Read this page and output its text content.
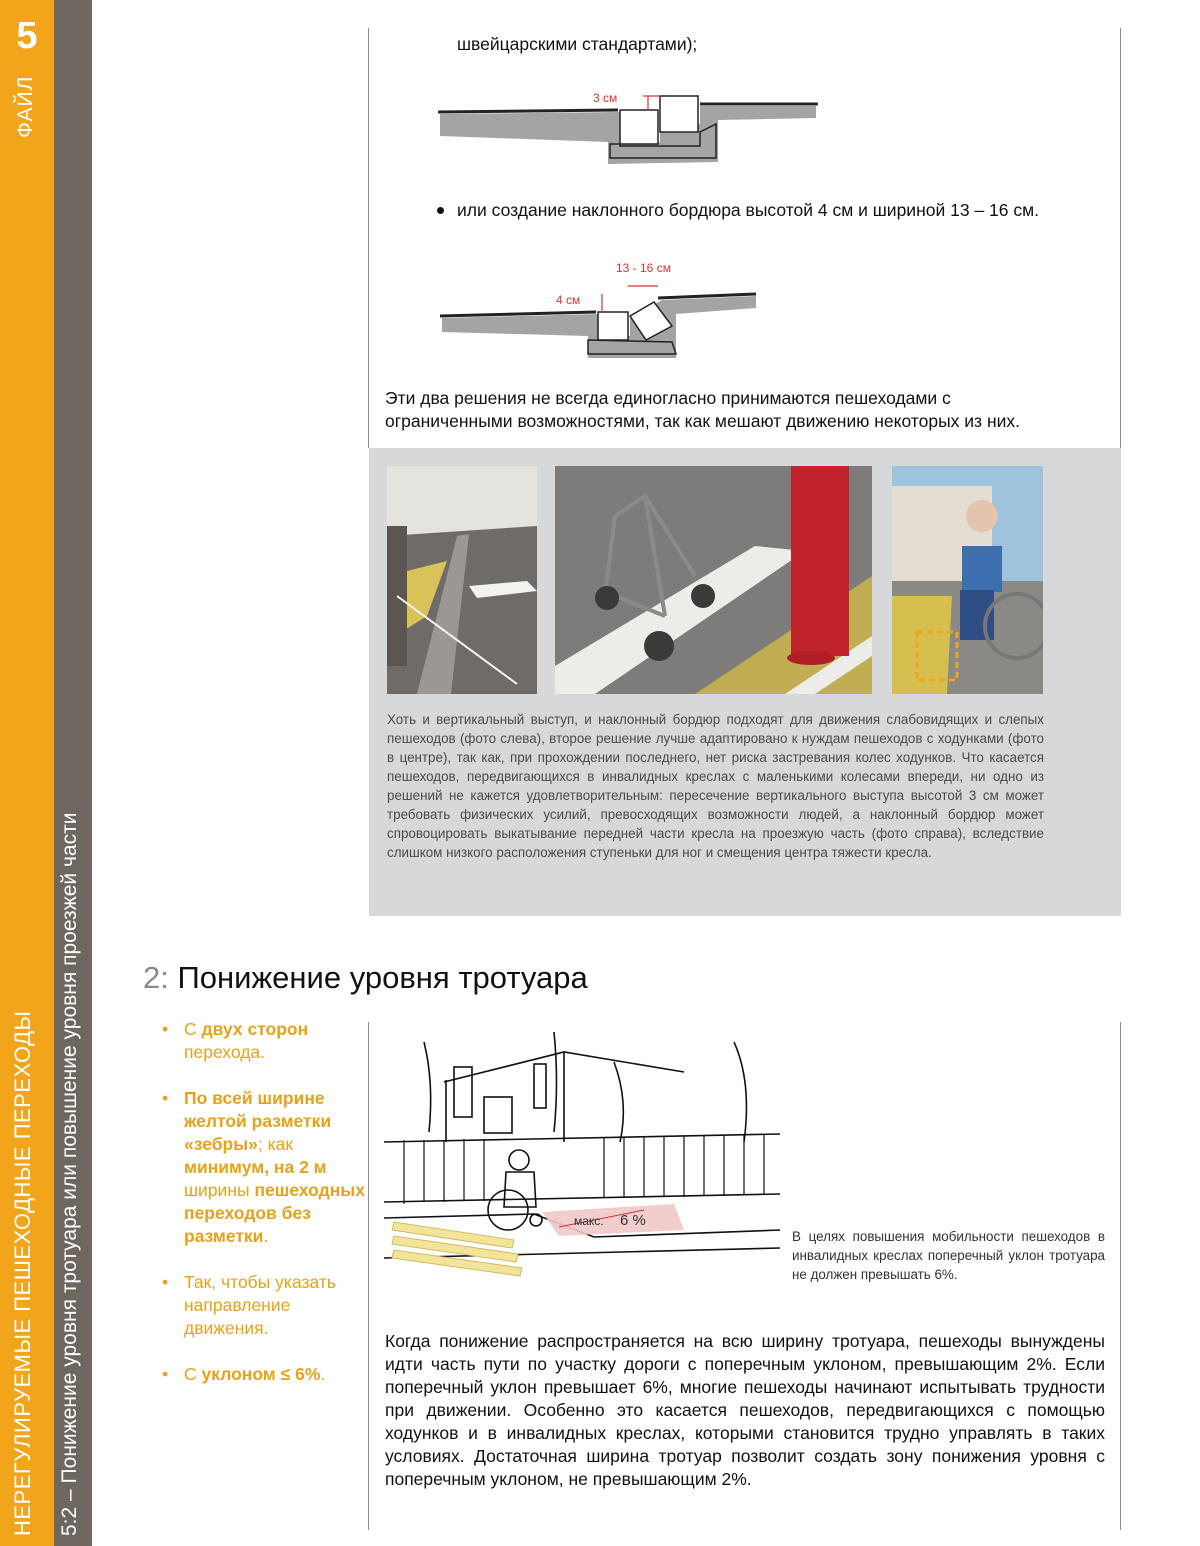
5
ФАЙЛ
НЕРЕГУЛИРУЕМЫЕ ПЕШЕХОДНЫЕ ПЕРЕХОДЫ 5:2 – Понижение уровня тротуара или повышение уровня проезжей части
швейцарскими стандартами);
3 см
или создание наклонного бордюра высотой 4 см и шириной 13 – 16 см.
13 - 16 см
4 см
Эти два решения не всегда единогласно принимаются пешеходами с
ограниченными возможностями, так как мешают движению некоторых из них.
Хоть и вертикальный выступ, и наклонный бордюр подходят для движения слабовидящих и слепых пешеходов (фото слева), второе решение лучше адаптировано к нуждам пешеходов с ходунками (фото в центре), так как, при прохождении последнего, нет риска застревания колес ходунков. Что касается пешеходов, передвигающихся в инвалидных креслах с маленькими колесами впереди, ни одно из решений не кажется удовлетворительным: пересечение вертикального выступа высотой 3 см может требовать физических усилий, превосходящих возможности людей, а наклонный бордюр может спровоцировать выкатывание передней части кресла на проезжую часть (фото справа), вследствие слишком низкого расположения ступеньки для ног и смещения центра тяжести кресла.
2: Понижение уровня тротуара
• С двух сторон перехода.
• По всей ширине желтой разметки «зебры»; как минимум, на 2 м ширины пешеходных переходов без разметки.
• Так, чтобы указать направление движения.
• С уклоном ≤ 6%.
макс. 6 %
В целях повышения мобильности пешеходов в инвалидных креслах поперечный уклон тротуара не должен превышать 6%.
Когда понижение распространяется на всю ширину тротуара, пешеходы вынуждены идти часть пути по участку дороги с поперечным уклоном, превышающим 2%. Если поперечный уклон превышает 6%, многие пешеходы начинают испытывать трудности при движении. Особенно это касается пешеходов, передвигающихся с помощью ходунков и в инвалидных креслах, которыми становится трудно управлять в таких условиях. Достаточная ширина тротуар позволит создать зону понижения уровня с поперечным уклоном, не превышающим 2%.
